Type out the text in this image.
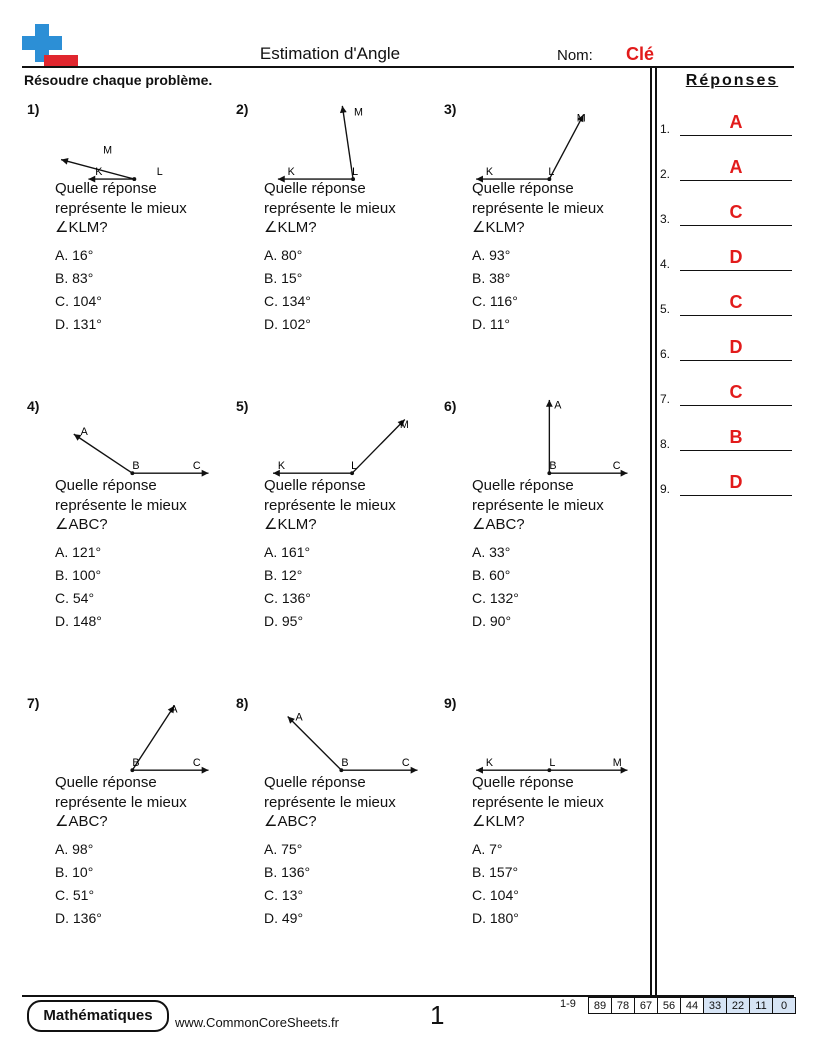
Estimation d'Angle	Nom: Clé
Résoudre chaque problème.	Réponses
1.	A
2.	A
3.	C
4.	D
5.	C
6.	D
7.	C
8.	B
9.	D
1)
K	L
M
Quelle réponse
représente le mieux
∠KLM?
A. 16°
B. 83°
C. 104°
D. 131°
2)
K	L
M
Quelle réponse
représente le mieux
∠KLM?
A. 80°
B. 15°
C. 134°
D. 102°
3)
K	L
M
Quelle réponse
représente le mieux
∠KLM?
A. 93°
B. 38°
C. 116°
D. 11°
4)
A
B	C
Quelle réponse
représente le mieux
∠ABC?
A. 121°
B. 100°
C. 54°
D. 148°
5)
K	L
M
Quelle réponse
représente le mieux
∠KLM?
A. 161°
B. 12°
C. 136°
D. 95°
6)	A
B	C
Quelle réponse
représente le mieux
∠ABC?
A. 33°
B. 60°
C. 132°
D. 90°
7)	A
B	C
Quelle réponse
représente le mieux
∠ABC?
A. 98°
B. 10°
C. 51°
D. 136°
8)
A
B	C
Quelle réponse
représente le mieux
∠ABC?
A. 75°
B. 136°
C. 13°
D. 49°
9)
K	L	M
Quelle réponse
représente le mieux
∠KLM?
A. 7°
B. 157°
C. 104°
D. 180°
Mathématiques	www.CommonCoreSheets.fr	1	1-9 89	78	67	56	44	33	22	11	0
